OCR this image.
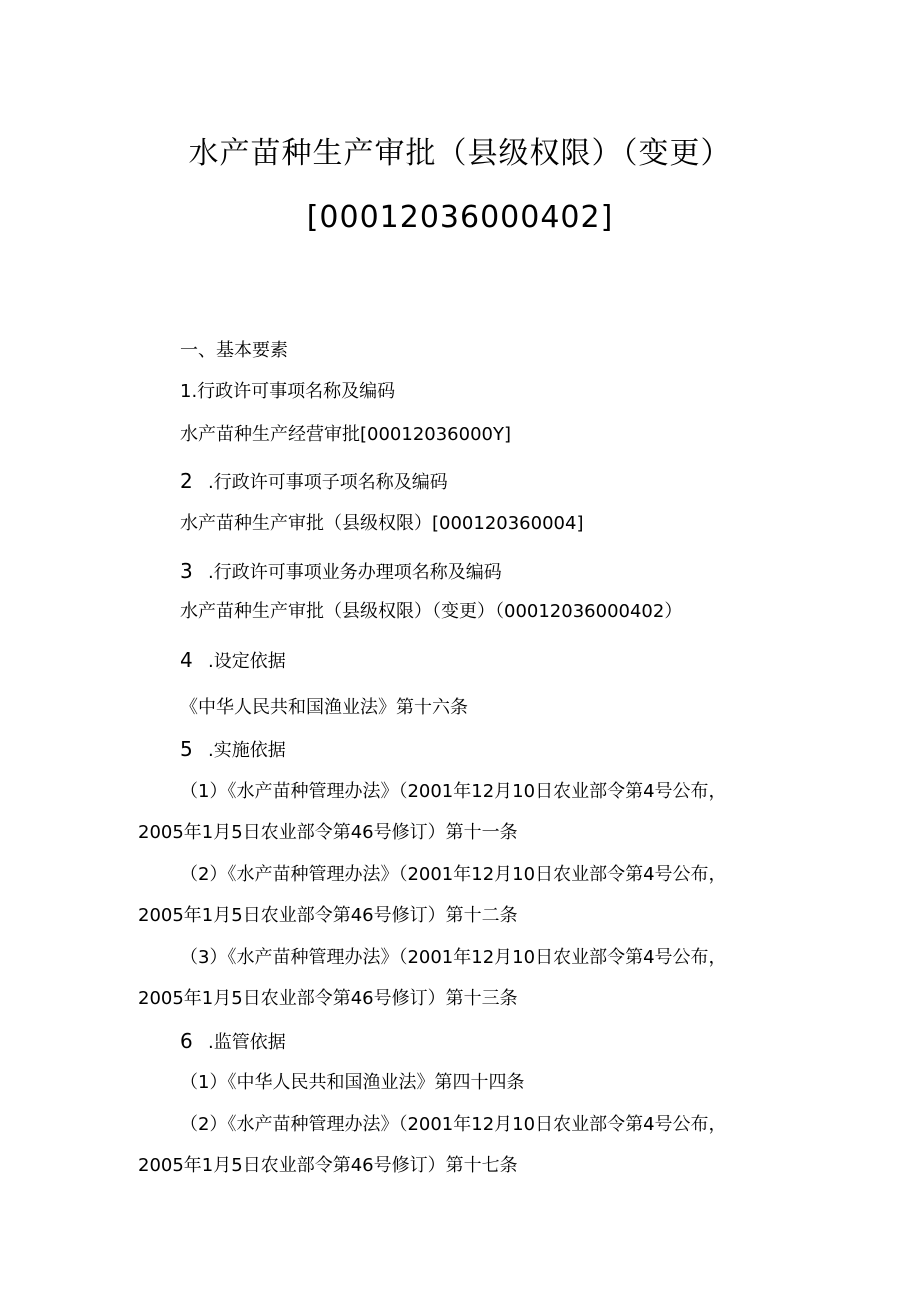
水产苗种生产审批（县级权限）（变更）
[00012036000402]
一、基本要素
1.行政许可事项名称及编码
水产苗种生产经营审批[00012036000Y]
2 .行政许可事项子项名称及编码
水产苗种生产审批（县级权限）[000120360004]
3 .行政许可事项业务办理项名称及编码
水产苗种生产审批（县级权限）（变更）（00012036000402）
4 .设定依据
《中华人民共和国渔业法》第十六条
5 .实施依据
（1）《水产苗种管理办法》（2001年12月10日农业部令第4号公布，
2005年1月5日农业部令第46号修订）第十一条
（2）《水产苗种管理办法》（2001年12月10日农业部令第4号公布，
2005年1月5日农业部令第46号修订）第十二条
（3）《水产苗种管理办法》（2001年12月10日农业部令第4号公布，
2005年1月5日农业部令第46号修订）第十三条
6 .监管依据
（1）《中华人民共和国渔业法》第四十四条
（2）《水产苗种管理办法》（2001年12月10日农业部令第4号公布，
2005年1月5日农业部令第46号修订）第十七条
